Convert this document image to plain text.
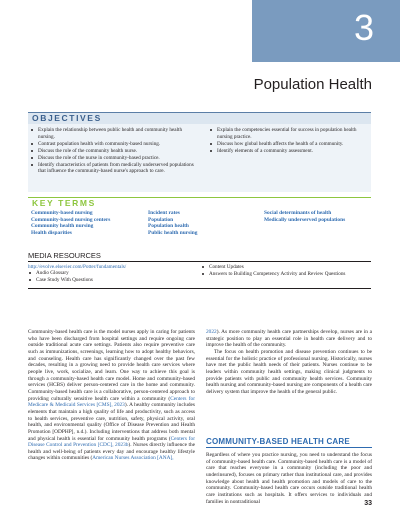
3
Population Health
OBJECTIVES
Explain the relationship between public health and community health nursing.
Contrast population health with community-based nursing.
Discuss the role of the community health nurse.
Discuss the role of the nurse in community-based practice.
Identify characteristics of patients from medically underserved populations that influence the community-based nurse's approach to care.
Explain the competencies essential for success in population health nursing practice.
Discuss how global health affects the health of a community.
Identify elements of a community assessment.
KEY TERMS
Community-based nursing
Community-based nursing centers
Community health nursing
Health disparities
Incident rates
Population
Population health
Public health nursing
Social determinants of health
Medically underserved populations
MEDIA RESOURCES
http://evolve.elsevier.com/Potter/fundamentals/
Audio Glossary
Case Study With Questions
Content Updates
Answers to Building Competency Activity and Review Questions

Community-based health care is the model nurses apply in caring for patients who have been discharged from hospital settings and require ongoing care outside traditional acute care settings. Patients also require preventive care such as immunizations, screenings, learning how to adopt healthy behaviors, and counseling. Health care has significantly changed over the past few decades, resulting in a growing need to provide health care services where people live, work, socialize, and learn. One way to achieve this goal is through a community-based health care model. Home and community-based services (HCBS) deliver person-centered care in the home and community. Community-based health care is a collaborative, person-centered approach to providing culturally sensitive health care within a community (Centers for Medicare & Medicaid Services [CMS], 2023). A healthy community includes elements that maintain a high quality of life and productivity, such as access to health services, preventive care, nutrition, safety, physical activity, oral health, and environmental quality (Office of Disease Prevention and Health Promotion [ODPHP], n.d.). Including interventions that address both mental and physical health is essential for community health programs (Centers for Disease Control and Prevention [CDC], 2023b). Nurses directly influence the health and well-being of patients every day and encourage healthy lifestyle changes within communities (American Nurses Association [ANA],

2022). As more community health care partnerships develop, nurses are in a strategic position to play an essential role in health care delivery and to improve the health of the community.

The focus on health promotion and disease prevention continues to be essential for the holistic practice of professional nursing. Historically, nurses have met the public health needs of their patients. Nurses continue to be leaders within community health settings, making clinical judgments to provide patients with public and community health services. Community health nursing and community-based nursing are components of a health care delivery system that improve the health of the general public.

COMMUNITY-BASED HEALTH CARE

Regardless of where you practice nursing, you need to understand the focus of community-based health care. Community-based health care is a model of care that reaches everyone in a community (including the poor and underinsured), focuses on primary rather than institutional care, and provides knowledge about health and health promotion and models of care to the community. Community-based health care occurs outside traditional health care institutions such as hospitals. It offers services to individuals and families in nontraditional	33
